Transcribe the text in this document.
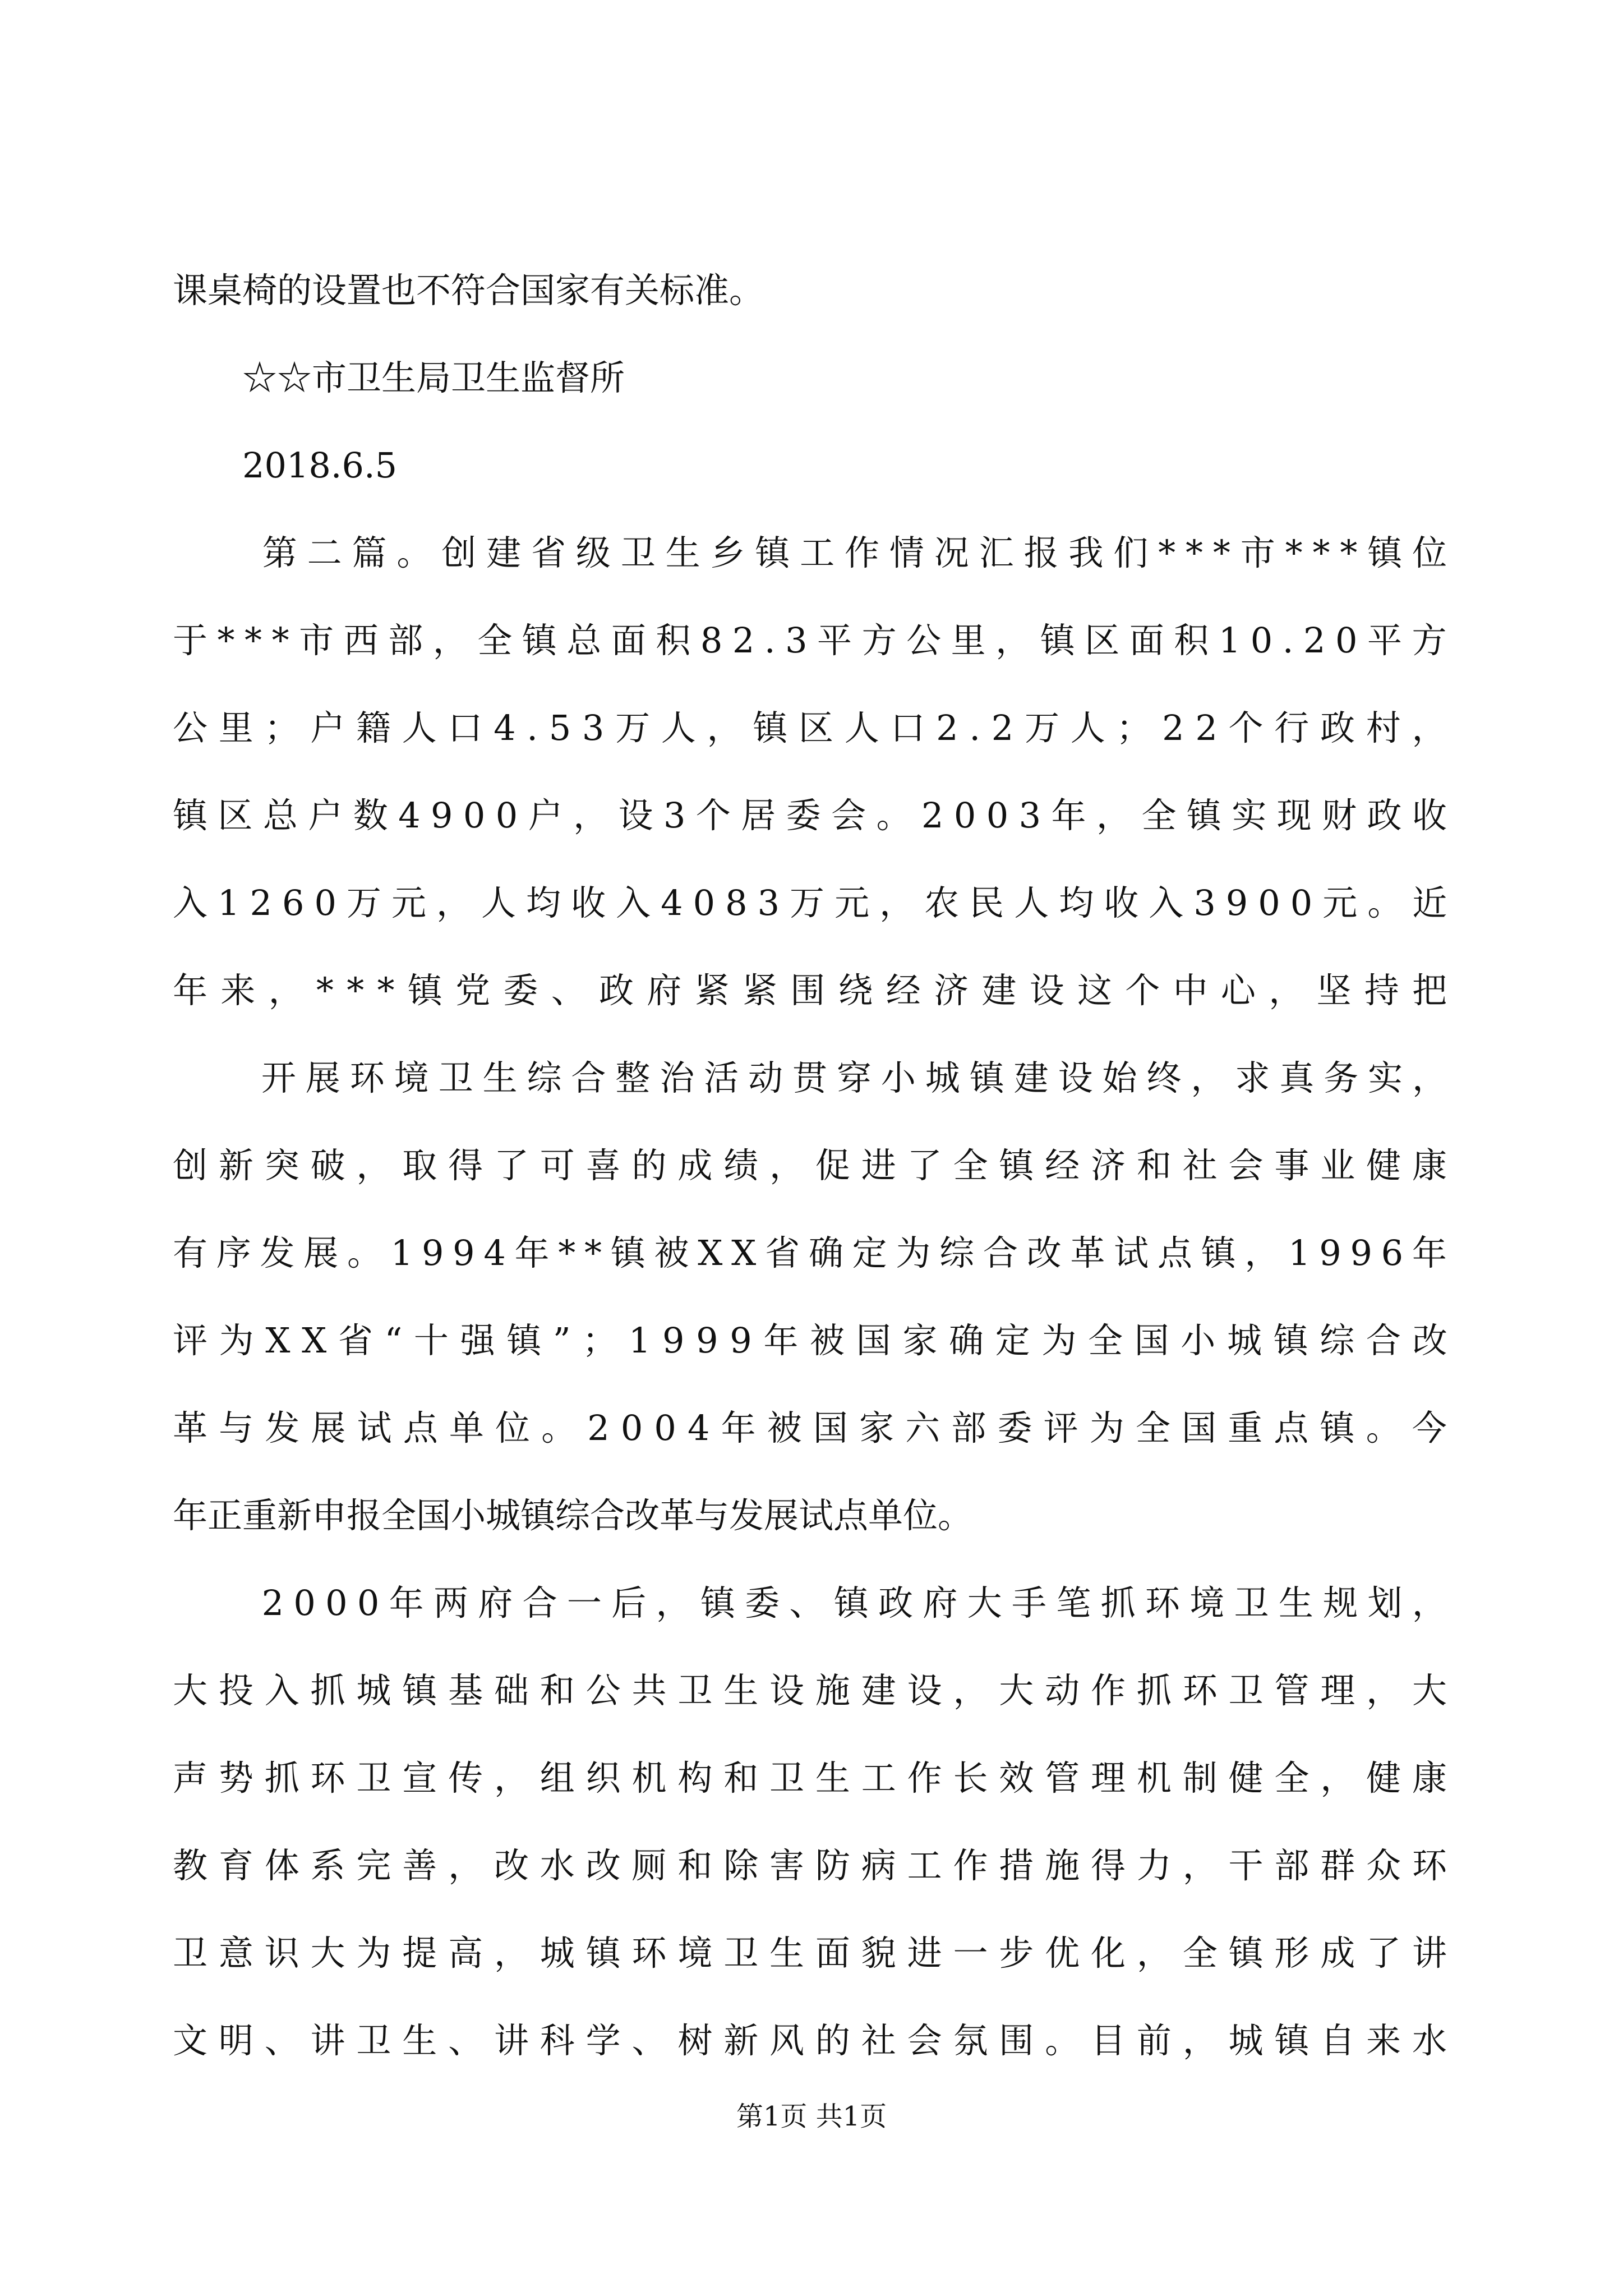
课桌椅的设置也不符合国家有关标准。
　　☆☆市卫生局卫生监督所
　　2018.6.5
　　第二篇。创建省级卫生乡镇工作情况汇报我们***市***镇位
于***市西部，全镇总面积82.3平方公里，镇区面积10.20平方
公里；户籍人口4.53万人，镇区人口2.2万人；22个行政村，
镇区总户数4900户，设3个居委会。2003年，全镇实现财政收
入1260万元，人均收入4083万元，农民人均收入3900元。近
年来，***镇党委、政府紧紧围绕经济建设这个中心，坚持把
　　开展环境卫生综合整治活动贯穿小城镇建设始终，求真务实，
创新突破，取得了可喜的成绩，促进了全镇经济和社会事业健康
有序发展。1994年**镇被XX省确定为综合改革试点镇，1996年
评为XX省“十强镇”；1999年被国家确定为全国小城镇综合改
革与发展试点单位。2004年被国家六部委评为全国重点镇。今
年正重新申报全国小城镇综合改革与发展试点单位。
　　2000年两府合一后，镇委、镇政府大手笔抓环境卫生规划，
大投入抓城镇基础和公共卫生设施建设，大动作抓环卫管理，大
声势抓环卫宣传，组织机构和卫生工作长效管理机制健全，健康
教育体系完善，改水改厕和除害防病工作措施得力，干部群众环
卫意识大为提高，城镇环境卫生面貌进一步优化，全镇形成了讲
文明、讲卫生、讲科学、树新风的社会氛围。目前，城镇自来水
第1页 共1页
